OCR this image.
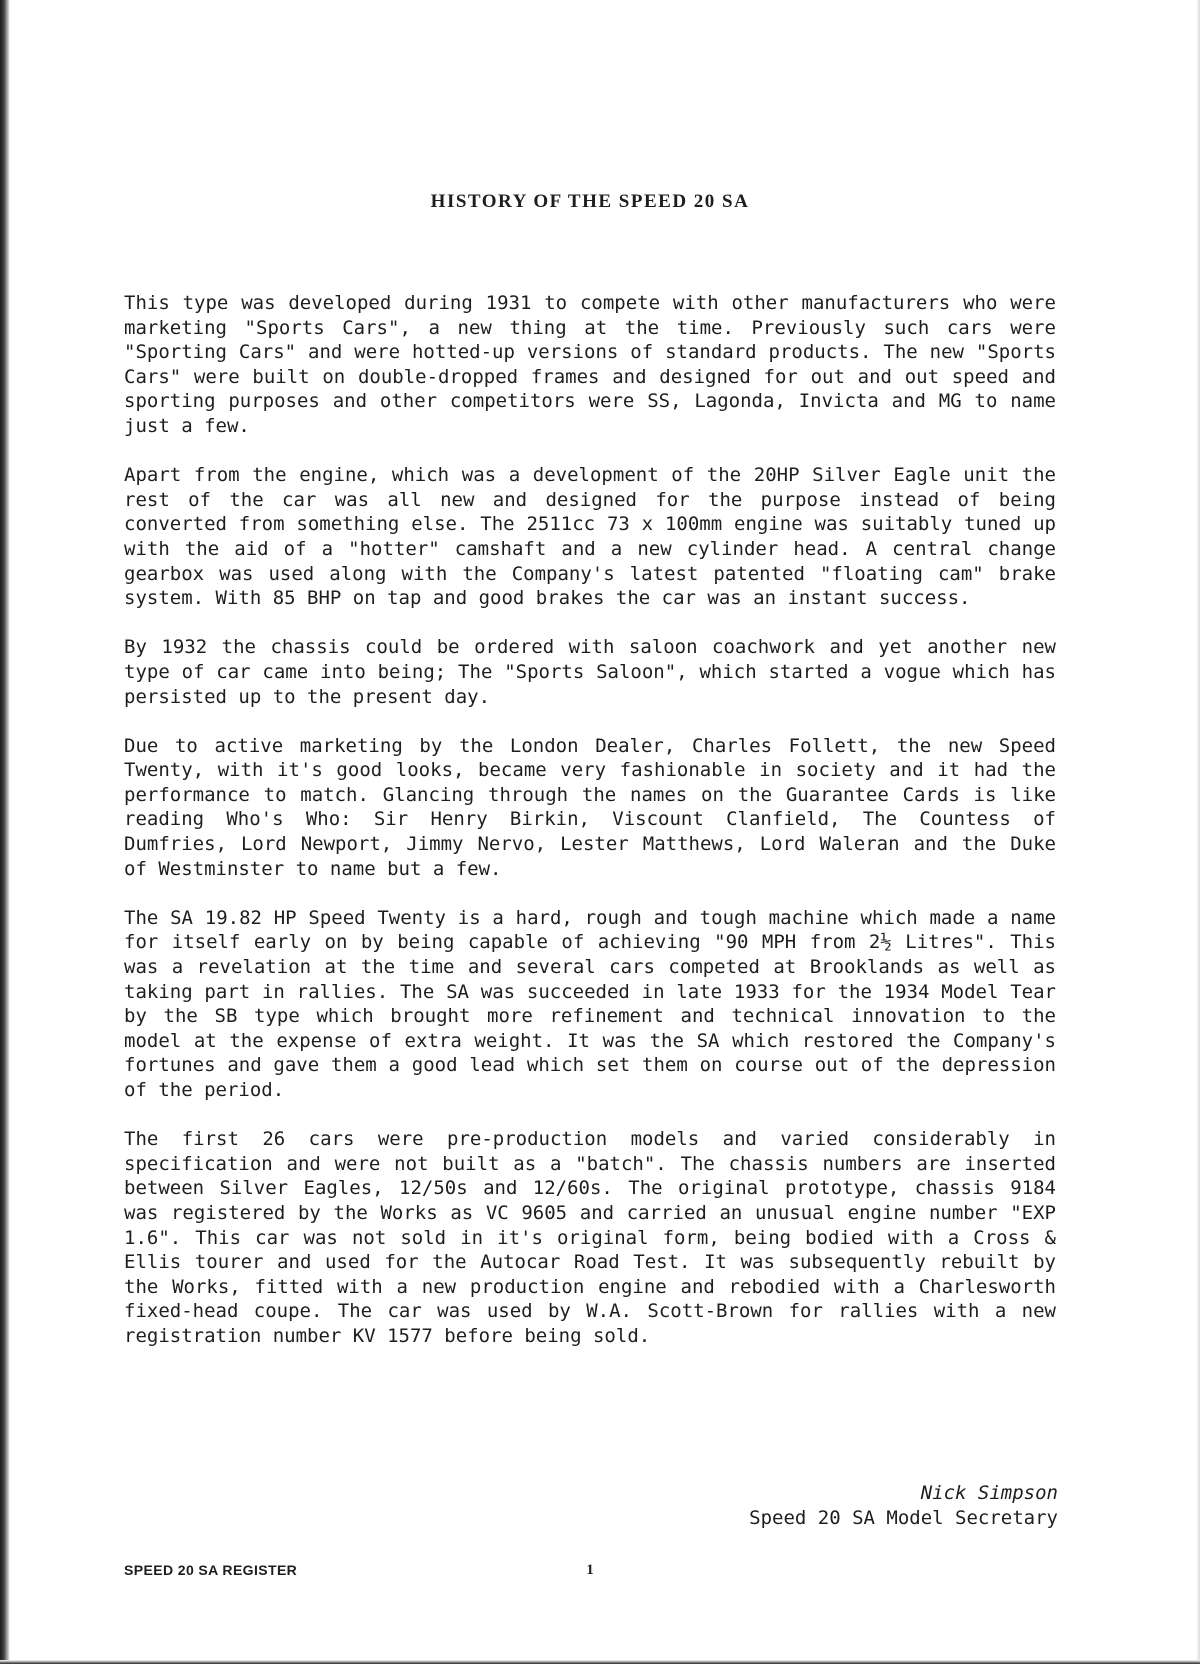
HISTORY OF THE SPEED 20 SA

This type was developed during 1931 to compete with other manufacturers who were marketing "Sports Cars", a new thing at the time. Previously such cars were "Sporting Cars" and were hotted-up versions of standard products. The new "Sports Cars" were built on double-dropped frames and designed for out and out speed and sporting purposes and other competitors were SS, Lagonda, Invicta and MG to name just a few.

Apart from the engine, which was a development of the 20HP Silver Eagle unit the rest of the car was all new and designed for the purpose instead of being converted from something else. The 2511cc 73 x 100mm engine was suitably tuned up with the aid of a "hotter" camshaft and a new cylinder head. A central change gearbox was used along with the Company's latest patented "floating cam" brake system. With 85 BHP on tap and good brakes the car was an instant success.

By 1932 the chassis could be ordered with saloon coachwork and yet another new type of car came into being; The "Sports Saloon", which started a vogue which has persisted up to the present day.

Due to active marketing by the London Dealer, Charles Follett, the new Speed Twenty, with it's good looks, became very fashionable in society and it had the performance to match. Glancing through the names on the Guarantee Cards is like reading Who's Who: Sir Henry Birkin, Viscount Clanfield, The Countess of Dumfries, Lord Newport, Jimmy Nervo, Lester Matthews, Lord Waleran and the Duke of Westminster to name but a few.

The SA 19.82 HP Speed Twenty is a hard, rough and tough machine which made a name for itself early on by being capable of achieving "90 MPH from 2½ Litres". This was a revelation at the time and several cars competed at Brooklands as well as taking part in rallies. The SA was succeeded in late 1933 for the 1934 Model Tear by the SB type which brought more refinement and technical innovation to the model at the expense of extra weight. It was the SA which restored the Company's fortunes and gave them a good lead which set them on course out of the depression of the period.

The first 26 cars were pre-production models and varied considerably in specification and were not built as a "batch". The chassis numbers are inserted between Silver Eagles, 12/50s and 12/60s. The original prototype, chassis 9184 was registered by the Works as VC 9605 and carried an unusual engine number "EXP 1.6". This car was not sold in it's original form, being bodied with a Cross & Ellis tourer and used for the Autocar Road Test. It was subsequently rebuilt by the Works, fitted with a new production engine and rebodied with a Charlesworth fixed-head coupe. The car was used by W.A. Scott-Brown for rallies with a new registration number KV 1577 before being sold.

Nick Simpson
Speed 20 SA Model Secretary
SPEED 20 SA REGISTER	1
